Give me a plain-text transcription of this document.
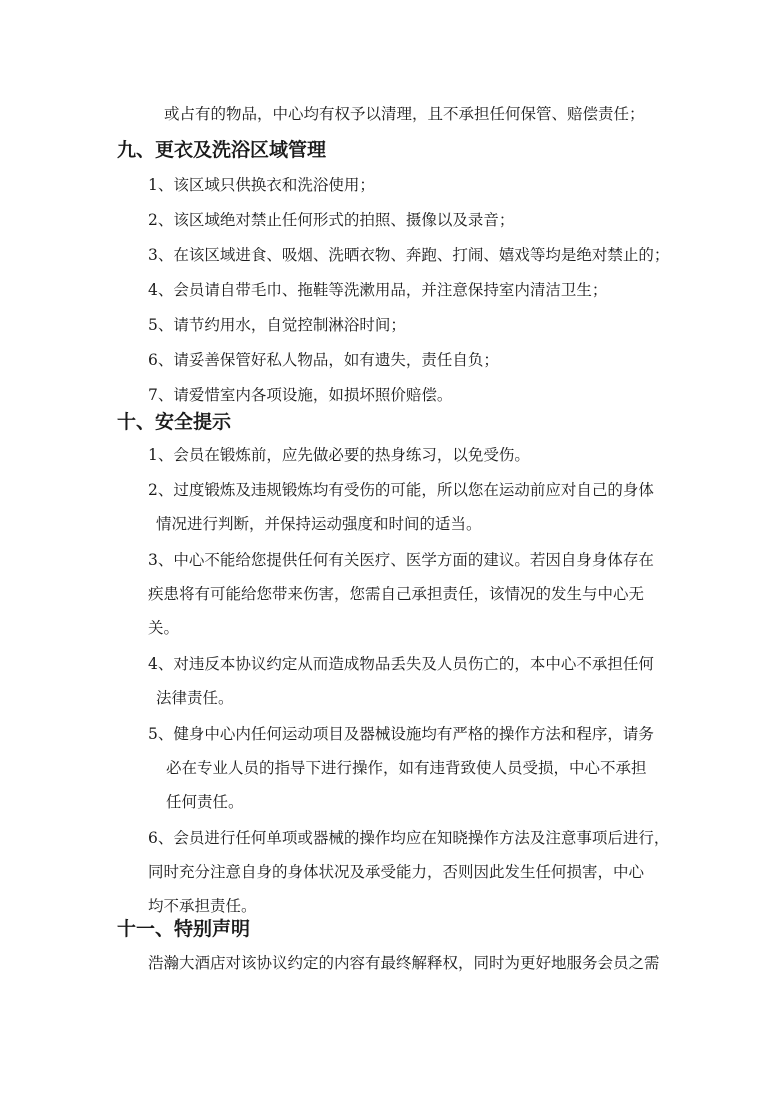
或占有的物品，中心均有权予以清理，且不承担任何保管、赔偿责任；
九、更衣及洗浴区域管理
1、该区域只供换衣和洗浴使用；
2、该区域绝对禁止任何形式的拍照、摄像以及录音；
3、在该区域进食、吸烟、洗晒衣物、奔跑、打闹、嬉戏等均是绝对禁止的；
4、会员请自带毛巾、拖鞋等洗漱用品，并注意保持室内清洁卫生；
5、请节约用水，自觉控制淋浴时间；
6、请妥善保管好私人物品，如有遗失，责任自负；
7、请爱惜室内各项设施，如损坏照价赔偿。
十、安全提示
1、会员在锻炼前，应先做必要的热身练习，以免受伤。
2、过度锻炼及违规锻炼均有受伤的可能，所以您在运动前应对自己的身体
情况进行判断，并保持运动强度和时间的适当。
3、中心不能给您提供任何有关医疗、医学方面的建议。若因自身身体存在
疾患将有可能给您带来伤害，您需自己承担责任，该情况的发生与中心无
关。
4、对违反本协议约定从而造成物品丢失及人员伤亡的，本中心不承担任何
法律责任。
5、健身中心内任何运动项目及器械设施均有严格的操作方法和程序，请务
必在专业人员的指导下进行操作，如有违背致使人员受损，中心不承担
任何责任。
6、会员进行任何单项或器械的操作均应在知晓操作方法及注意事项后进行，
同时充分注意自身的身体状况及承受能力，否则因此发生任何损害，中心
均不承担责任。
十一、特别声明
浩瀚大酒店对该协议约定的内容有最终解释权，同时为更好地服务会员之需
